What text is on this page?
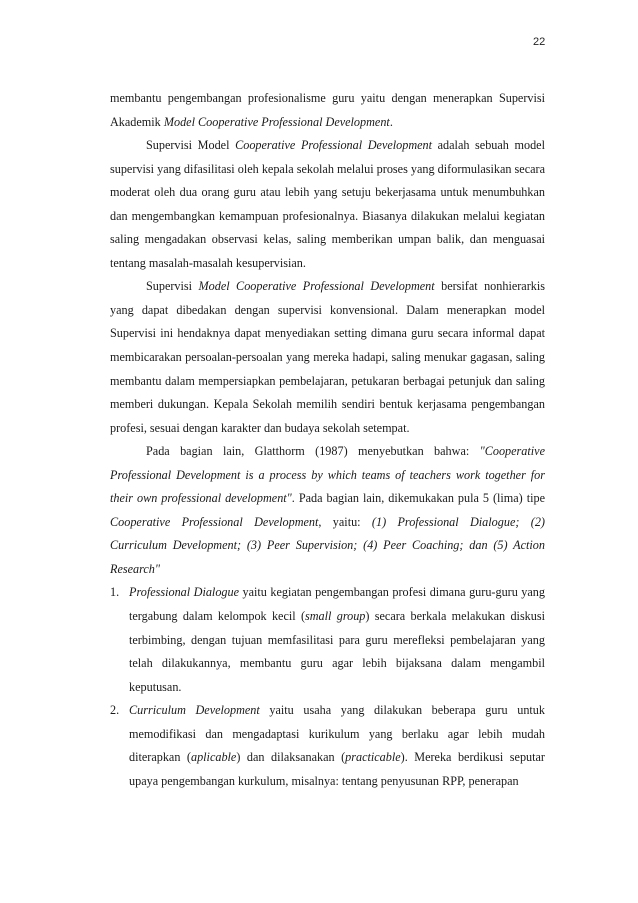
22

membantu pengembangan profesionalisme guru yaitu dengan menerapkan Supervisi Akademik Model Cooperative Professional Development.

Supervisi Model Cooperative Professional Development adalah sebuah model supervisi yang difasilitasi oleh kepala sekolah melalui proses yang diformulasikan secara moderat oleh dua orang guru atau lebih yang setuju bekerjasama untuk menumbuhkan dan mengembangkan kemampuan profesionalnya. Biasanya dilakukan melalui kegiatan saling mengadakan observasi kelas, saling memberikan umpan balik, dan menguasai tentang masalah-masalah kesupervisian.

Supervisi Model Cooperative Professional Development bersifat nonhierarkis yang dapat dibedakan dengan supervisi konvensional. Dalam menerapkan model Supervisi ini hendaknya dapat menyediakan setting dimana guru secara informal dapat membicarakan persoalan-persoalan yang mereka hadapi, saling menukar gagasan, saling membantu dalam mempersiapkan pembelajaran, petukaran berbagai petunjuk dan saling memberi dukungan. Kepala Sekolah memilih sendiri bentuk kerjasama pengembangan profesi, sesuai dengan karakter dan budaya sekolah setempat.

Pada bagian lain, Glatthorm (1987) menyebutkan bahwa: "Cooperative Professional Development is a process by which teams of teachers work together for their own professional development". Pada bagian lain, dikemukakan pula 5 (lima) tipe Cooperative Professional Development, yaitu: (1) Professional Dialogue; (2) Curriculum Development; (3) Peer Supervision; (4) Peer Coaching; dan (5) Action Research"

1. Professional Dialogue yaitu kegiatan pengembangan profesi dimana guru-guru yang tergabung dalam kelompok kecil (small group) secara berkala melakukan diskusi terbimbing, dengan tujuan memfasilitasi para guru merefleksi pembelajaran yang telah dilakukannya, membantu guru agar lebih bijaksana dalam mengambil keputusan.
2. Curriculum Development yaitu usaha yang dilakukan beberapa guru untuk memodifikasi dan mengadaptasi kurikulum yang berlaku agar lebih mudah diterapkan (aplicable) dan dilaksanakan (practicable). Mereka berdikusi seputar upaya pengembangan kurkulum, misalnya: tentang penyusunan RPP, penerapan
